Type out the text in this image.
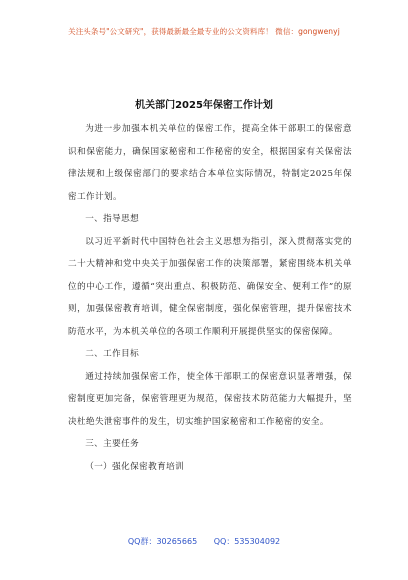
关注头条号"公文研究"，获得最新最全最专业的公文资料库！ 微信：gongwenyj
机关部门2025年保密工作计划

为进一步加强本机关单位的保密工作，提高全体干部职工的保密意识和保密能力，确保国家秘密和工作秘密的安全，根据国家有关保密法律法规和上级保密部门的要求结合本单位实际情况，特制定2025年保密工作计划。

一、指导思想

以习近平新时代中国特色社会主义思想为指引，深入贯彻落实党的二十大精神和党中央关于加强保密工作的决策部署，紧密围绕本机关单位的中心工作，遵循“突出重点、积极防范、确保安全、便利工作”的原则，加强保密教育培训，健全保密制度，强化保密管理，提升保密技术防范水平，为本机关单位的各项工作顺利开展提供坚实的保密保障。

二、工作目标

通过持续加强保密工作，使全体干部职工的保密意识显著增强，保密制度更加完备，保密管理更为规范，保密技术防范能力大幅提升，坚决杜绝失泄密事件的发生，切实维护国家秘密和工作秘密的安全。

三、主要任务

（一）强化保密教育培训

QQ群：30265665 QQ：535304092
